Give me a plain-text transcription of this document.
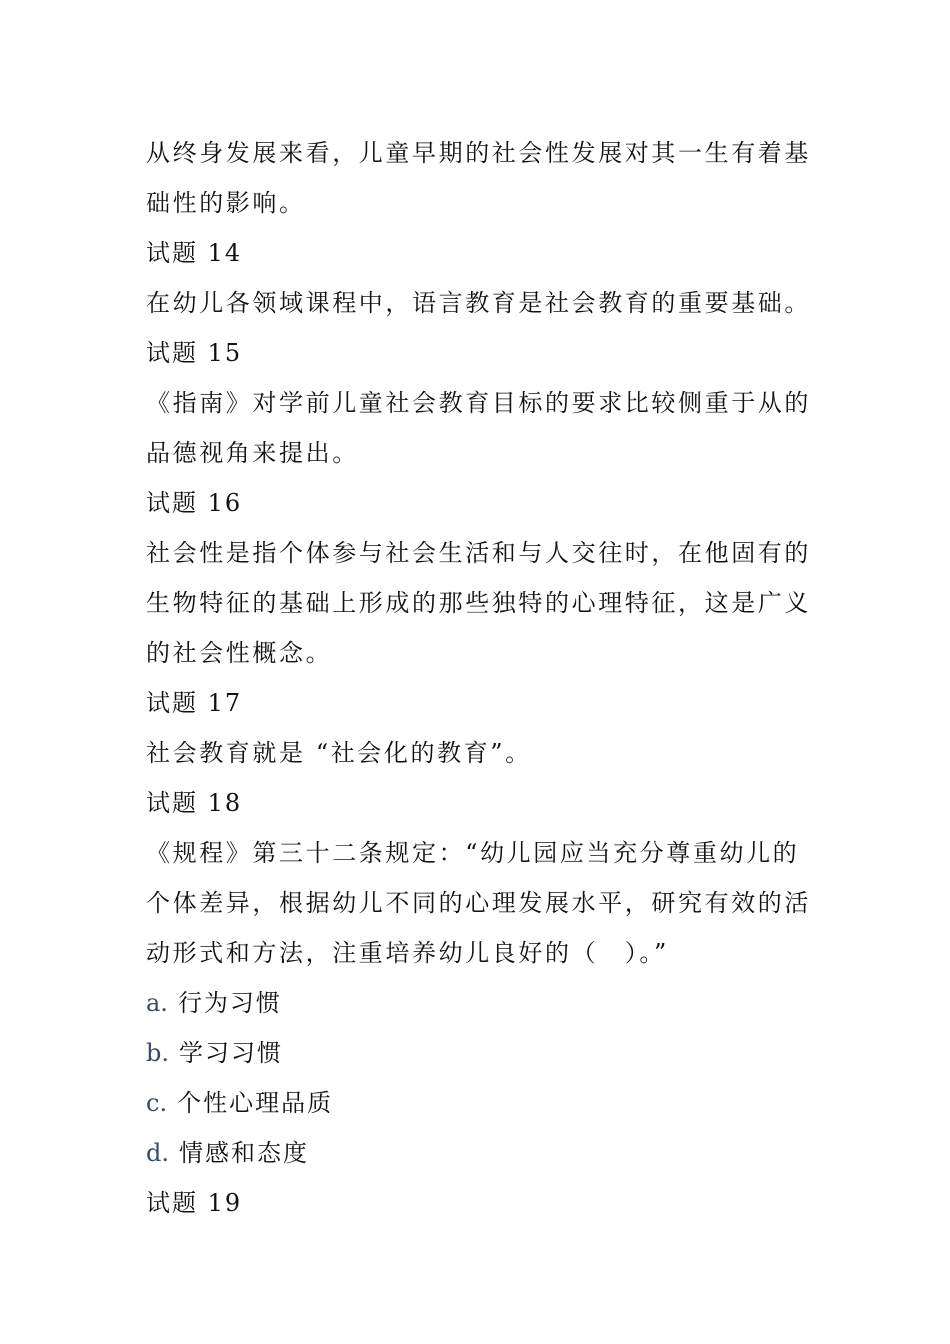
从终身发展来看，儿童早期的社会性发展对其一生有着基
础性的影响。
试题 14
在幼儿各领域课程中，语言教育是社会教育的重要基础。
试题 15
《指南》对学前儿童社会教育目标的要求比较侧重于从的
品德视角来提出。
试题 16
社会性是指个体参与社会生活和与人交往时，在他固有的
生物特征的基础上形成的那些独特的心理特征，这是广义
的社会性概念。
试题 17
社会教育就是 “社会化的教育”。
试题 18
《规程》第三十二条规定：“幼儿园应当充分尊重幼儿的
个体差异，根据幼儿不同的心理发展水平，研究有效的活
动形式和方法，注重培养幼儿良好的（　）。”
a. 行为习惯
b. 学习习惯
c. 个性心理品质
d. 情感和态度
试题 19
